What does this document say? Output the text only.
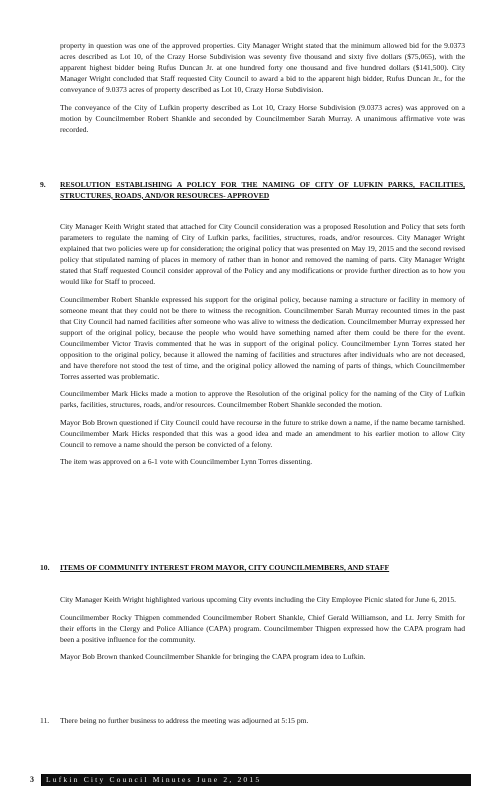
property in question was one of the approved properties. City Manager Wright stated that the minimum allowed bid for the 9.0373 acres described as Lot 10, of the Crazy Horse Subdivision was seventy five thousand and sixty five dollars ($75,065), with the apparent highest bidder being Rufus Duncan Jr. at one hundred forty one thousand and five hundred dollars ($141,500). City Manager Wright concluded that Staff requested City Council to award a bid to the apparent high bidder, Rufus Duncan Jr., for the conveyance of 9.0373 acres of property described as Lot 10, Crazy Horse Subdivision.

The conveyance of the City of Lufkin property described as Lot 10, Crazy Horse Subdivision (9.0373 acres) was approved on a motion by Councilmember Robert Shankle and seconded by Councilmember Sarah Murray. A unanimous affirmative vote was recorded.

9.	RESOLUTION ESTABLISHING A POLICY FOR THE NAMING OF CITY OF LUFKIN PARKS, FACILITIES, STRUCTURES, ROADS, AND/OR RESOURCES- APPROVED

City Manager Keith Wright stated that attached for City Council consideration was a proposed Resolution and Policy that sets forth parameters to regulate the naming of City of Lufkin parks, facilities, structures, roads, and/or resources. City Manager Wright explained that two policies were up for consideration; the original policy that was presented on May 19, 2015 and the second revised policy that stipulated naming of places in memory of rather than in honor and removed the naming of parts. City Manager Wright stated that Staff requested Council consider approval of the Policy and any modifications or provide further direction as to how you would like for Staff to proceed.

Councilmember Robert Shankle expressed his support for the original policy, because naming a structure or facility in memory of someone meant that they could not be there to witness the recognition. Councilmember Sarah Murray recounted times in the past that City Council had named facilities after someone who was alive to witness the dedication. Councilmember Murray expressed her support of the original policy, because the people who would have something named after them could be there for the event. Councilmember Victor Travis commented that he was in support of the original policy. Councilmember Lynn Torres stated her opposition to the original policy, because it allowed the naming of facilities and structures after individuals who are not deceased, and have therefore not stood the test of time, and the original policy allowed the naming of parts of things, which Councilmember Torres asserted was problematic.

Councilmember Mark Hicks made a motion to approve the Resolution of the original policy for the naming of the City of Lufkin parks, facilities, structures, roads, and/or resources. Councilmember Robert Shankle seconded the motion.

Mayor Bob Brown questioned if City Council could have recourse in the future to strike down a name, if the name became tarnished. Councilmember Mark Hicks responded that this was a good idea and made an amendment to his earlier motion to allow City Council to remove a name should the person be convicted of a felony.

The item was approved on a 6-1 vote with Councilmember Lynn Torres dissenting.

10.	ITEMS OF COMMUNITY INTEREST FROM MAYOR, CITY COUNCILMEMBERS, AND STAFF

City Manager Keith Wright highlighted various upcoming City events including the City Employee Picnic slated for June 6, 2015.

Councilmember Rocky Thigpen commended Councilmember Robert Shankle, Chief Gerald Williamson, and Lt. Jerry Smith for their efforts in the Clergy and Police Alliance (CAPA) program. Councilmember Thigpen expressed how the CAPA program had been a positive influence for the community.

Mayor Bob Brown thanked Councilmember Shankle for bringing the CAPA program idea to Lufkin.

11.	There being no further business to address the meeting was adjourned at 5:15 pm.
3	Lufkin City Council Minutes June 2, 2015
